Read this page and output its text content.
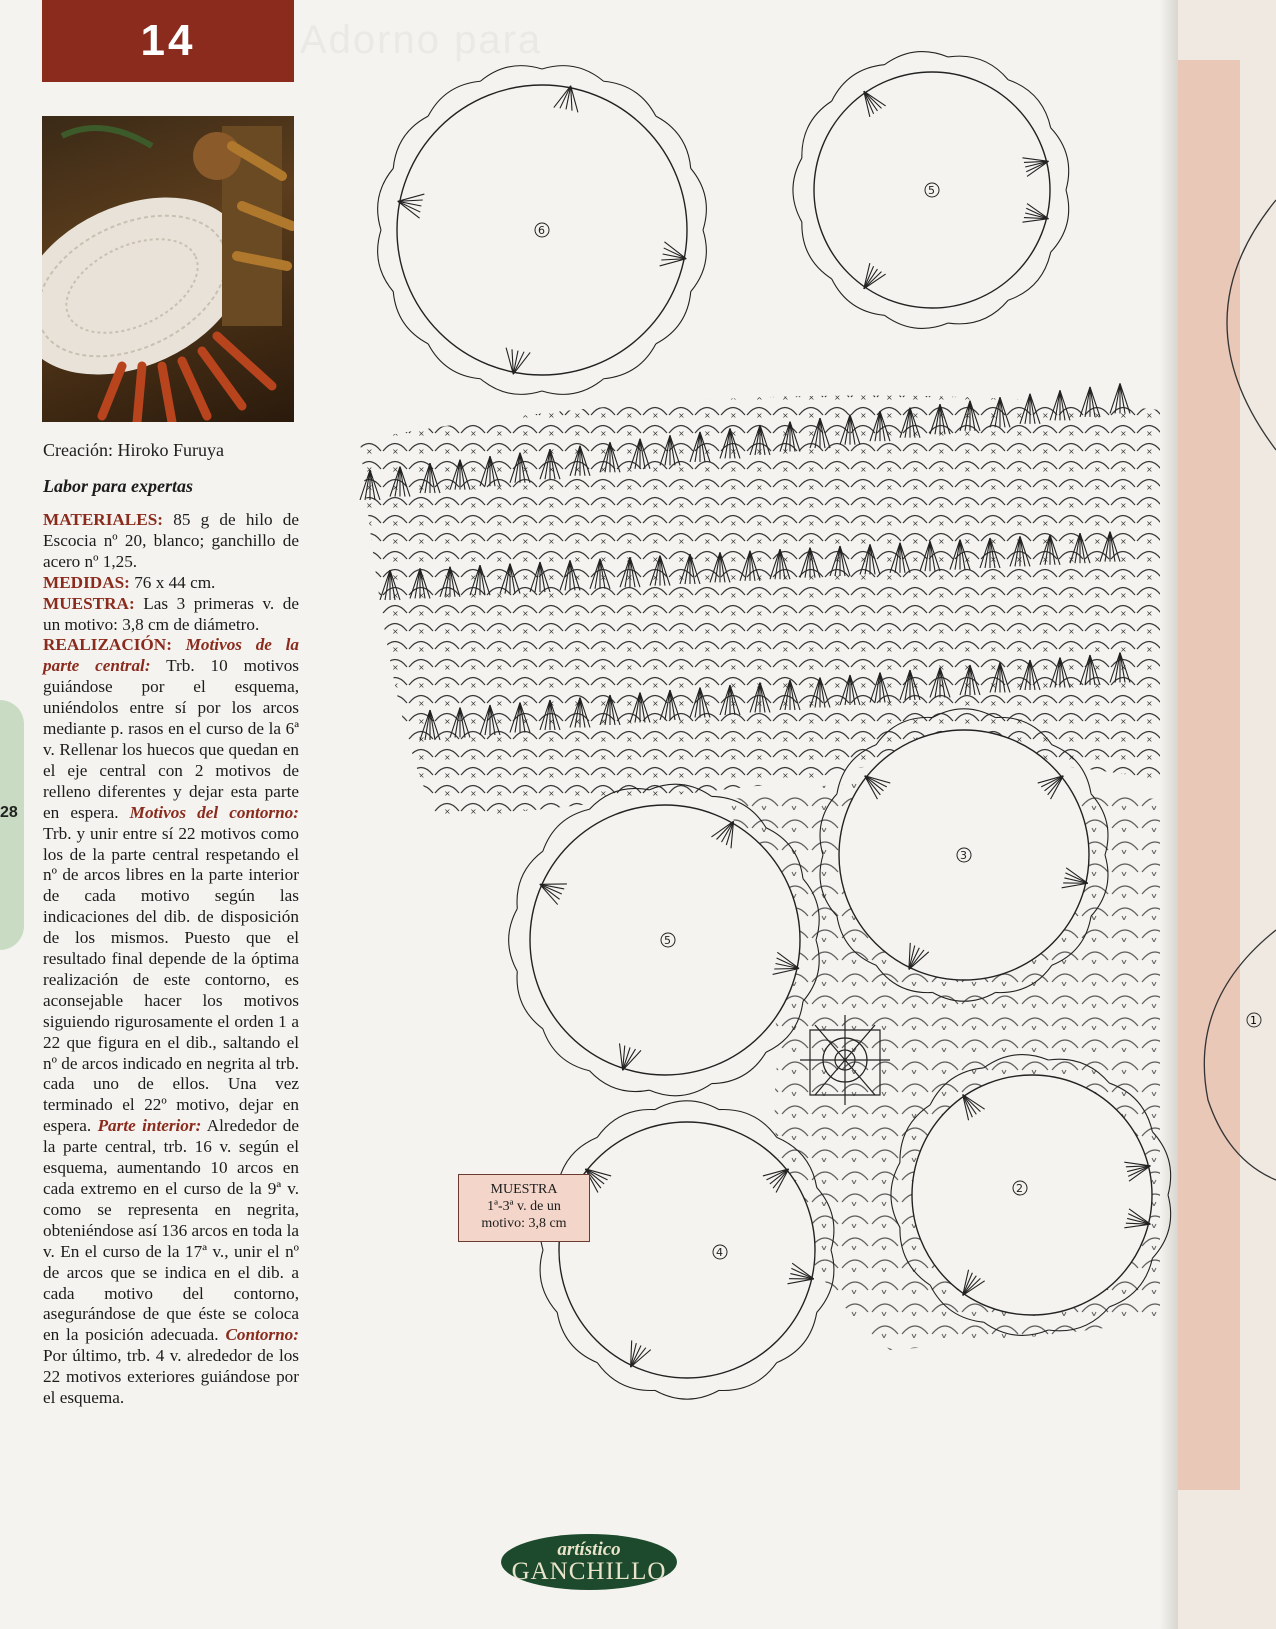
14	Adorno para
28
Creación: Hiroko Furuya
Labor para expertas
MATERIALES: 85 g de hilo de Escocia nº 20, blanco; ganchillo de acero nº 1,25.
MEDIDAS: 76 x 44 cm.
MUESTRA: Las 3 primeras v. de un motivo: 3,8 cm de diámetro.
REALIZACIÓN: Motivos de la parte central: Trb. 10 motivos guiándose por el esquema, uniéndolos entre sí por los arcos mediante p. rasos en el curso de la 6ª v. Rellenar los huecos que quedan en el eje central con 2 motivos de relleno diferentes y dejar esta parte en espera. Motivos del contorno: Trb. y unir entre sí 22 motivos como los de la parte central respetando el nº de arcos libres en la parte interior de cada motivo según las indicaciones del dib. de disposición de los mismos. Puesto que el resultado final depende de la óptima realización de este contorno, es aconsejable hacer los motivos siguiendo rigurosamente el orden 1 a 22 que figura en el dib., saltando el nº de arcos indicado en negrita al trb. cada uno de ellos. Una vez terminado el 22º motivo, dejar en espera. Parte interior: Alrededor de la parte central, trb. 16 v. según el esquema, aumentando 10 arcos en cada extremo en el curso de la 9ª v. como se representa en negrita, obteniéndose así 136 arcos en toda la v. En el curso de la 17ª v., unir el nº de arcos que se indica en el dib. a cada motivo del contorno, asegurándose de que éste se coloca en la posición adecuada. Contorno: Por último, trb. 4 v. alrededor de los 22 motivos exteriores guiándose por el esquema.
6
5
5
3
4
2
1
MUESTRA
1ª-3ª v. de un
motivo: 3,8 cm
artístico
GANCHILLO
